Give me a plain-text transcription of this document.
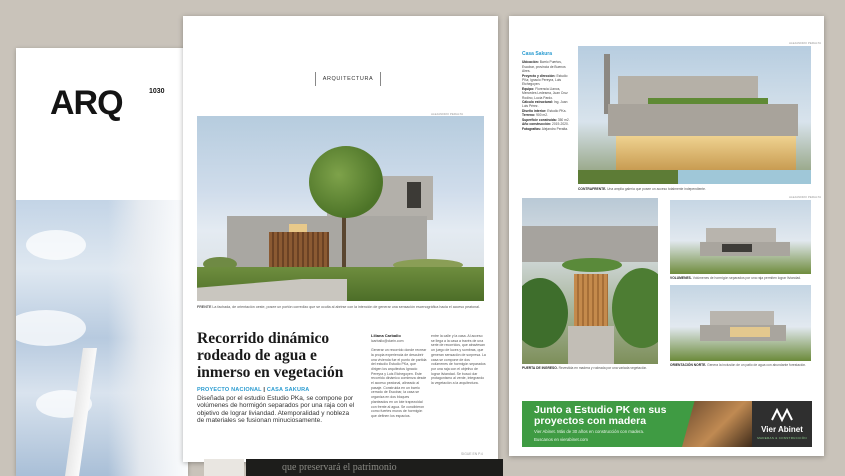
ARQ	1030
ARQUITECTURA
ALEJANDRO PERALTA
FRENTE La fachada, de orientación oeste, posee un portón corredizo que se oculta al abrirse con la intención de generar una sensación escenográfica hacia el acceso peatonal.
Recorrido dinámico rodeado de agua e inmerso en vegetación
PROYECTO NACIONAL | CASA SAKURA

Diseñada por el estudio Estudio PKa, se compone por volúmenes de hormigón separados por una raja con el objetivo de lograr liviandad. Atemporalidad y nobleza de materiales se fusionan minuciosamente.

Liliana Carballo
lcarballo@clarin.com

Generar un recorrido donde recrear la propia experiencia de descubrir una vivienda fue el punto de partida del estudio Estudio PKa, que dirigen los arquitectos Ignacio Pereyra y Luis Etchegoyen. Este recorrido dinámico comienza desde el acceso peatonal, alineado al pasaje. Construida en un barrio cerrado de Escobar, la casa se organiza en dos bloques planteados en un lote trapezoidal con frente al agua. Se concibieron como fuertes muros de hormigón que definen los espacios.
entre la calle y la casa. Al acceso se llega a la casa a través de una serie de recorridos, que atraviesan un juego de luces y sombras, que generan sensación de sorpresa. La casa se compone de dos volúmenes de hormigón separados por una raja con el objetivo de lograr liviandad. Se buscó dar protagonismo al verde, integrando la vegetación a la arquitectura.
SIGUE EN P.4
Casa Sakura
Ubicación: Barrio Puertos, Escobar, provincia de Buenos Aires.
Proyecto y dirección: Estudio PKa; Ignacio Pereyra, Luis Etchegoyen.
Equipo: Florencia Llanos, Mercedes Ledesma, Juan Cruz Rodino, Lucía Pardo.
Cálculo estructural: Ing. Juan Luis Pérez.
Diseño interior: Estudio PKa.
Terreno: 900 m2.
Superficie construida: 350 m2.
Año construcción: 2019-2020.
Fotografías: Alejandro Peralta.
ALEJANDRO PERALTA
CONTRAFRENTE. Una amplia galería que posee un acceso totalmente independiente.
PUERTA DE INGRESO. Revestida en madera y rodeada por una variada vegetación.
ALEJANDRO PERALTA
VOLUMENES. Volúmenes de hormigón separados por una raja permiten lograr liviandad.
ORIENTACIÓN NORTE. Genera la inclusión de un patio de agua con abundante forestación.
Junto a Estudio PK en sus proyectos con madera
Vier Abinet. Más de 30 años en construcción con madera.
Buscanos en vierabinet.com
Vier Abinet
MADERAS & CONSTRUCCIÓN
que preservará el patrimonio
